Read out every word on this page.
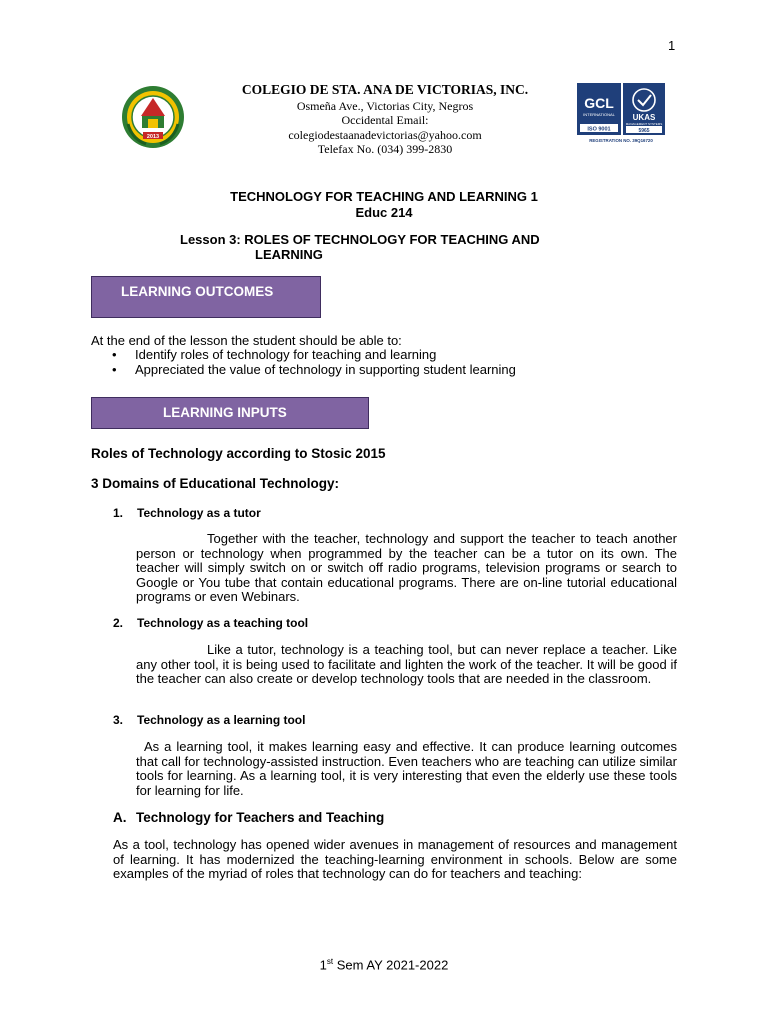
1
2013
COLEGIO DE STA. ANA DE VICTORIAS, INC.
Osmeña Ave., Victorias City, Negros
Occidental Email:
colegiodestaanadevictorias@yahoo.com
Telefax No. (034) 399-2830
GCL
INTERNATIONAL
ISO 9001
UKAS
MANAGEMENT SYSTEMS
5965
REGISTRATION NO. 39Q16720
TECHNOLOGY FOR TEACHING AND LEARNING 1
Educ 214
Lesson 3: ROLES OF TECHNOLOGY FOR TEACHING AND
LEARNING
LEARNING OUTCOMES
At the end of the lesson the student should be able to:
• Identify roles of technology for teaching and learning
• Appreciated the value of technology in supporting student learning
LEARNING INPUTS
Roles of Technology according to Stosic 2015
3 Domains of Educational Technology:
1. Technology as a tutor
Together with the teacher, technology and support the teacher to teach another person or technology when programmed by the teacher can be a tutor on its own. The teacher will simply switch on or switch off radio programs, television programs or search to Google or You tube that contain educational programs. There are on-line tutorial educational programs or even Webinars.
2. Technology as a teaching tool
Like a tutor, technology is a teaching tool, but can never replace a teacher. Like any other tool, it is being used to facilitate and lighten the work of the teacher. It will be good if the teacher can also create or develop technology tools that are needed in the classroom.
3. Technology as a learning tool
As a learning tool, it makes learning easy and effective. It can produce learning outcomes that call for technology-assisted instruction. Even teachers who are teaching can utilize similar tools for learning. As a learning tool, it is very interesting that even the elderly use these tools for learning for life.
A. Technology for Teachers and Teaching
As a tool, technology has opened wider avenues in management of resources and management of learning. It has modernized the teaching-learning environment in schools. Below are some examples of the myriad of roles that technology can do for teachers and teaching:
1st Sem AY 2021-2022
